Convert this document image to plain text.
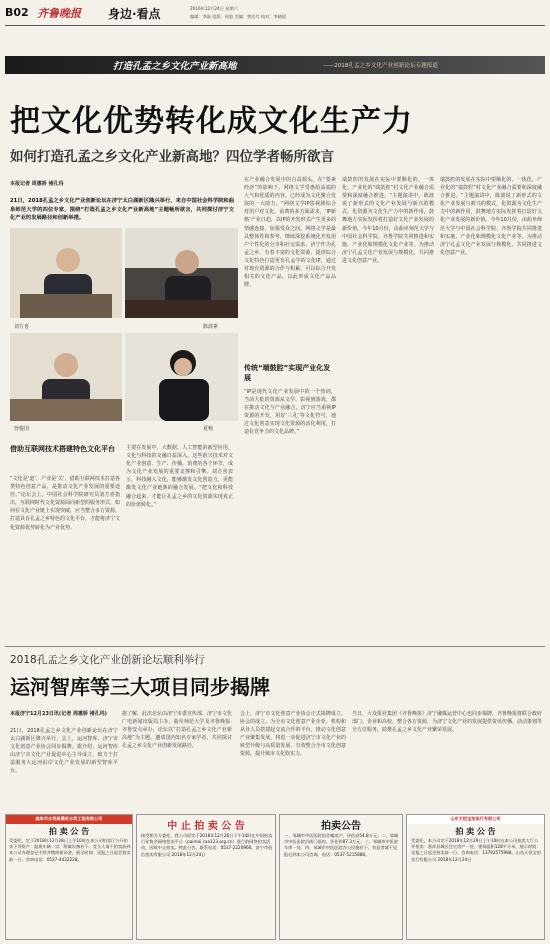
B02 齐鲁晚报 身边·看点	2016年12月24日 星期六
编辑：李磊 组版：侯恕 美编：曾宏红 校对：李晓晨
打造孔孟之乡文化产业新高地	——2018孔孟之乡文化产业创新论坛专题报道
把文化优势转化成文化生产力
如何打造孔孟之乡文化产业新高地？四位学者畅所欲言
本报记者 周惠娇 褚孔玛
21日，2018孔孟之乡文化产业创新论坛在济宁太白湖新区隆兴举行，来自中国社会科学院和曲阜师范大学的四位专家，围绕“打造孔孟之乡文化产业新高地”主题畅所欲言，共同探讨济宁文化产业的发展路径和创新举措。
刘方喜	陈波素
曾俊国	夏畅
在产业融合发展中的自益源头，在“要素经济”的影响下，网络文学受惠给高端的人气和优质的内容，已经成为文化聚合发展的一大助力。“网络文学IP影视剧综合对用户对文化、消费的多方面需求，‘IP新格’产业日趋，以IP的开发形式产生更多的情感连接，加强受众之间，网络文学是最具整体性和参考，继续深挖系统化开发用户个性化的分享和社交需求，济宁作为孔孟之乡，有着丰富的文化资源，提供综合文化特色打造更有孔孟学的文化IP，通过对现有资源的合作与积累，可以综合开发相关的文化产品，以此形成文化产品品牌。
端鼓腔的发展在实际中要顺化的，一体化、产业化的“端鼓腔”村文化产业融合需要和深度融合推进。“主题演讲中，陈波说了新形式的文化产业发展与新兴的模式，化资源为文化生产力中的新作用，鼓舞地方实际发挥着打造好文化产业发展的新价值。今年10月份，由曲阜师范大学与中国社会科学院、齐鲁学院共同推进和实施、产业化和规模化文化产业等。为推动济宁孔孟文化产业发展与规模化，共同推进文化创意产业。
端鼓腔的发展在实际中要顺化的，一体化、产业化的“端鼓腔”村文化产业融合需要和深度融合推进。“主题演讲中，陈波说了新形式的文化产业发展与新兴的模式，化资源为文化生产力中的新作用，鼓舞地方实际发挥着打造好文化产业发展的新价值。今年10月份，由曲阜师范大学与中国社会科学院、齐鲁学院共同推进和实施、产业化和规模化文化产业等。为推动济宁孔孟文化产业发展与规模化，共同推进文化创意产业。
传统“端鼓腔”实现产业化发展
“IP是现代文化产业发展中的一个热词，当前大批的资源从文学、影视到游戏，都在推动文化与产业融合，济宁应当重视IP资源的开发，用好‘三孔’等文化符号，通过文化创意实现文化资源的活化利用，打造有竞争力的文化品牌。”
借助互联网技术搭建特色文化平台
“文化是‘道’，产业是‘关’，借助互联网技术打造各类特色创意产品，是推动文化产业发展的重要途径。”论坛会上，中国社会科学院研究员刘方喜指出，互联网时代文化资源面向新型的服务形式，如何在文化产业链上实现突破，应当整合多方资源，打造具有孔孟之乡特色的文化平台，才能将济宁文化资源优势转化为产业优势。
主要在发展中，大数据、人工智能的新型应用，文化与科技的交融日益深入，这些新兴技术对文化产业创意、生产、传播、消费的各个环节，成为文化产业发展的重要支撑和引擎。刘方喜表示，科技融入文化，能够激发文化创造力，更能激发文化产业链条的融合发展。“把文化和科技融合起来，才能让孔孟之乡的文化资源实现真正的价值转化。”
2018孔孟之乡文化产业创新论坛顺利举行
运河智库等三大项目同步揭牌
本报济宁12月23日讯(记者 周惠娇 褚孔玛)
21日，2018孔孟之乡文化产业创新论坛在济宁太白湖新区隆兴举行，会上，运河智库、济宁市文化创意产业协会同步揭牌。据介绍，运河智库由济宁市文化产业促进中心主导成立，致力于打造服务大运河沿岸文化产业发展的新型智库平台。
据了解，此次论坛由济宁市委宣传部、济宁市文化广电新闻出版局主办，曲阜师范大学及齐鲁晚报·齐鲁壹点承办。论坛以“打造孔孟之乡文化产业新高地”为主题，邀请国内知名专家学者，共同探讨孔孟之乡文化产业创新发展路径。
会上，济宁市文化创意产业协会正式揭牌成立。协会的成立，为全市文化创意产业企业、机构和从业人员搭建起交流合作的平台，推动文化创意产业聚集发展，将进一步促进济宁市文化产业的转型升级与高质量发展，有效整合全市文化创意资源，提升城市文化软实力。
当日，大众报业集团《齐鲁晚报》济宁融媒运营中心也同步揭牌，齐鲁晚报将联合政府部门、企业和高校，整合各方资源，为济宁文化产业的发展提供资讯传播、活动策划等全方位服务，助推孔孟之乡文化产业繁荣发展。
曲阜市水利局鼎旺水利工程有限公司
拍 卖 公 告
受委托，定于2018年12月28日上午10时在本公司拍卖厅公开拍卖下列资产：报废车辆一宗、附属设备若干。竞买人请于拍卖前到本公司办理登记手续并缴纳保证金。展示时间：见报之日起至拍卖前一日。咨询电话：0537-4432228。
中 止 拍 卖 公 告
接受相关方委托，我公司原定于2018年12月26日下午14时在中国拍卖行业协会网络拍卖平台（paimai.caa123.org.cn）进行的网络拍卖活动，因故中止拍卖。特此公告。联系电话：0537-2220966。济宁市恒信拍卖有限公司 2018年12月24日
拍卖公告
一、邹城市中医医院宿舍楼房产，评估价54.8万元；二、邹城市中医医院沿街门面房，评估价87.3万元；三、邹城市中医院车库一处；四、邹城市中医医院办公设施若干。有意者请于见报后到本公司咨询。电话：0537-5215888。
山东天恒宝拍卖行有限公司
拍 卖 公 告
受委托，本公司定于2018年12月29日上午10时在本公司拍卖大厅公开拍卖：嘉祥县城区住宅房产一处，建筑面积128平方米。展示时间：见报之日起至拍卖前一日。咨询电话：13792575988。山东天恒宝拍卖行有限公司 2018年12月24日
